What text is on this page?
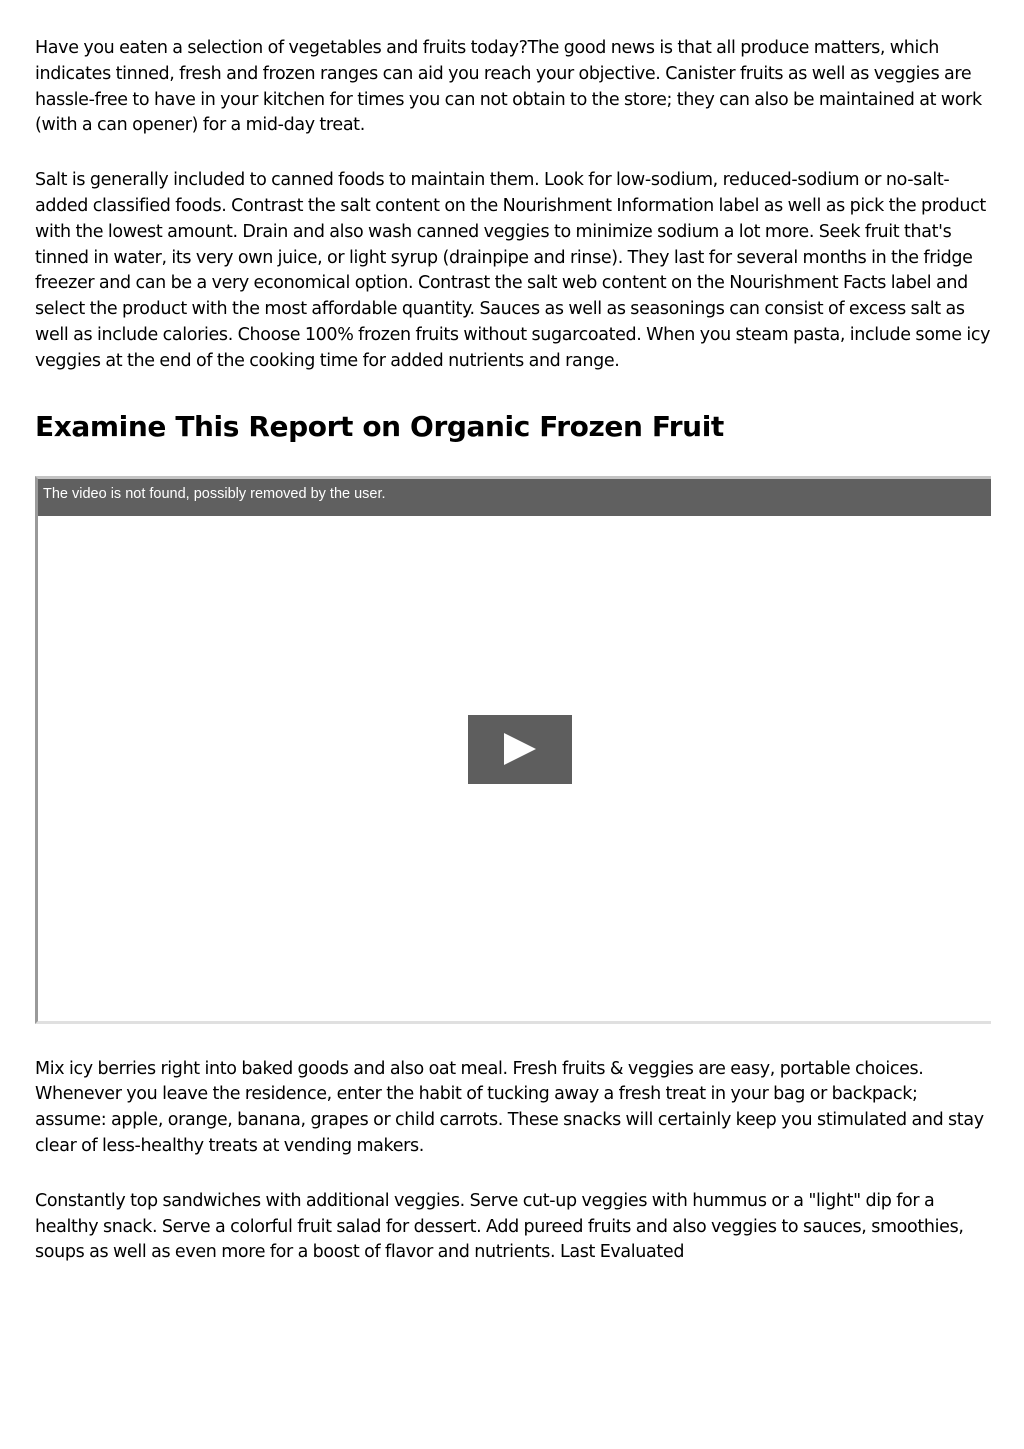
Have you eaten a selection of vegetables and fruits today?The good news is that all produce matters, which indicates tinned, fresh and frozen ranges can aid you reach your objective. Canister fruits as well as veggies are hassle-free to have in your kitchen for times you can not obtain to the store; they can also be maintained at work (with a can opener) for a mid-day treat.

Salt is generally included to canned foods to maintain them. Look for low-sodium, reduced-sodium or no-salt-added classified foods. Contrast the salt content on the Nourishment Information label as well as pick the product with the lowest amount. Drain and also wash canned veggies to minimize sodium a lot more. Seek fruit that's tinned in water, its very own juice, or light syrup (drainpipe and rinse). They last for several months in the fridge freezer and can be a very economical option. Contrast the salt web content on the Nourishment Facts label and select the product with the most affordable quantity. Sauces as well as seasonings can consist of excess salt as well as include calories. Choose 100% frozen fruits without sugarcoated. When you steam pasta, include some icy veggies at the end of the cooking time for added nutrients and range.

Examine This Report on Organic Frozen Fruit
The video is not found, possibly removed by the user.

Mix icy berries right into baked goods and also oat meal. Fresh fruits & veggies are easy, portable choices. Whenever you leave the residence, enter the habit of tucking away a fresh treat in your bag or backpack; assume: apple, orange, banana, grapes or child carrots. These snacks will certainly keep you stimulated and stay clear of less-healthy treats at vending makers.

Constantly top sandwiches with additional veggies. Serve cut-up veggies with hummus or a "light" dip for a healthy snack. Serve a colorful fruit salad for dessert. Add pureed fruits and also veggies to sauces, smoothies, soups as well as even more for a boost of flavor and nutrients. Last Evaluated
